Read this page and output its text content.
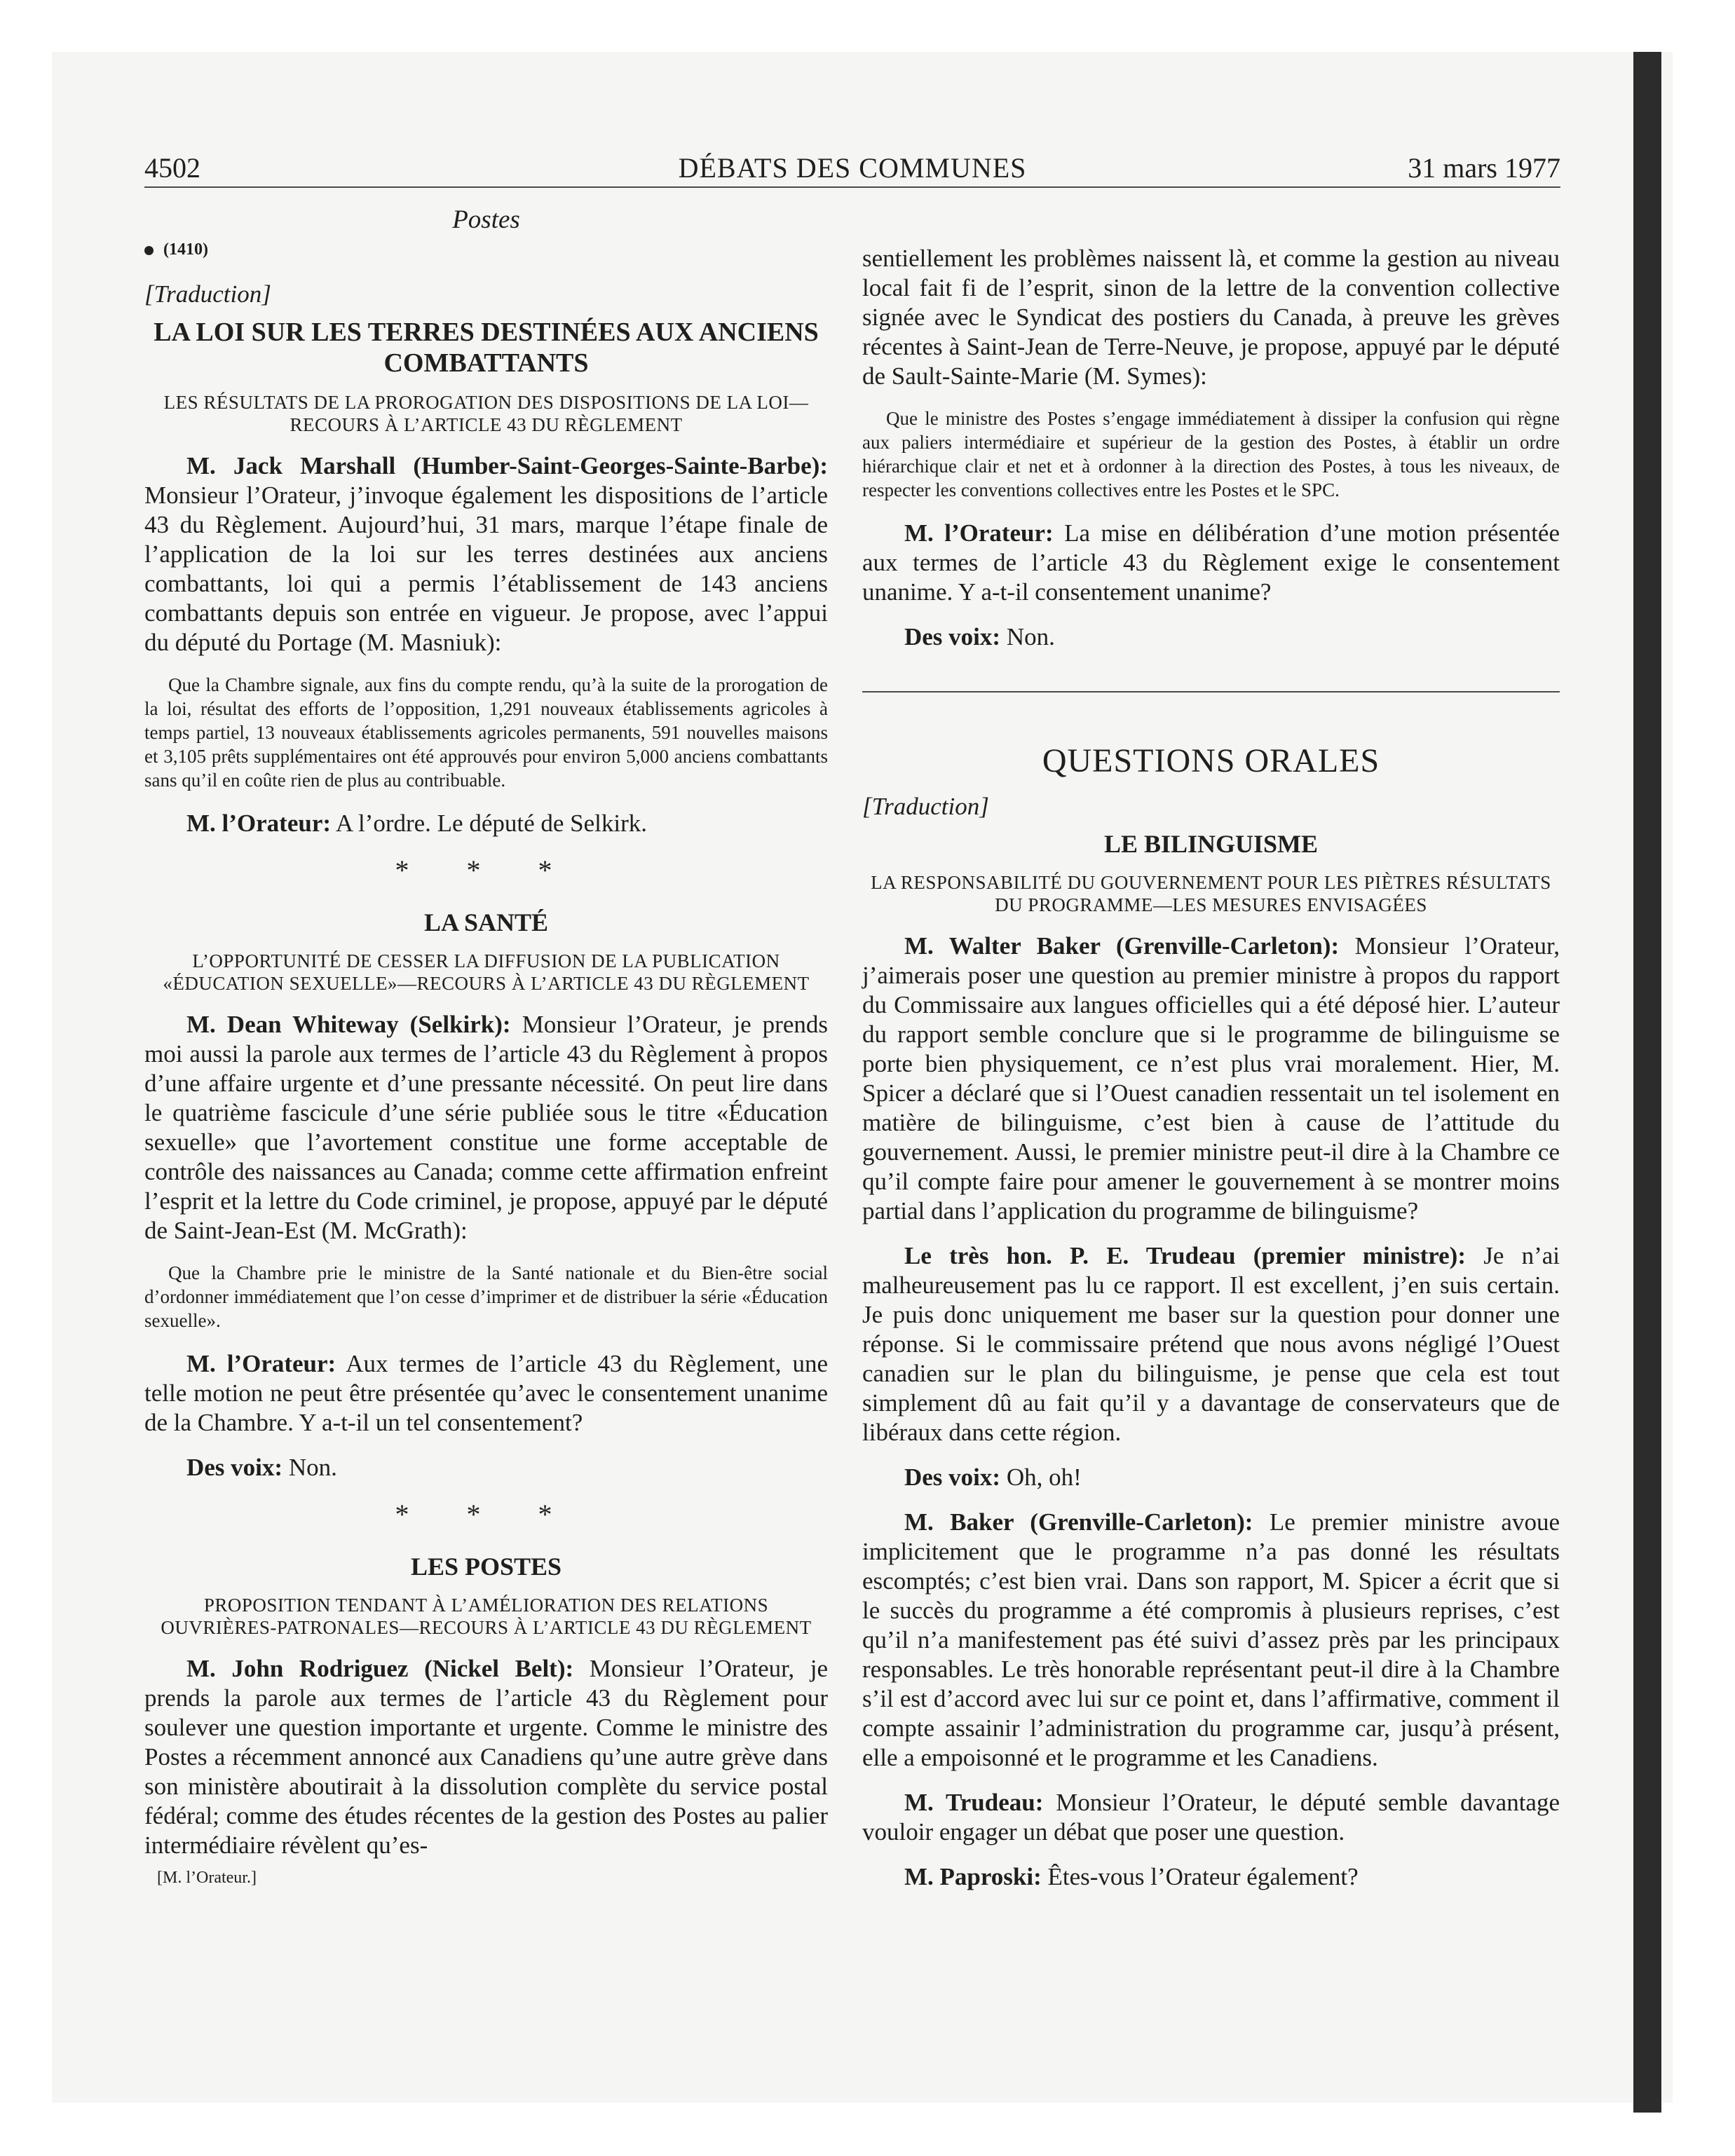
4502	DÉBATS DES COMMUNES	31 mars 1977

Postes

(1410)

[Traduction]

LA LOI SUR LES TERRES DESTINÉES AUX ANCIENS COMBATTANTS

LES RÉSULTATS DE LA PROROGATION DES DISPOSITIONS DE LA LOI—RECOURS À L’ARTICLE 43 DU RÈGLEMENT

M. Jack Marshall (Humber-Saint-Georges-Sainte-Barbe): Monsieur l’Orateur, j’invoque également les dispositions de l’article 43 du Règlement. Aujourd’hui, 31 mars, marque l’étape finale de l’application de la loi sur les terres destinées aux anciens combattants, loi qui a permis l’établissement de 143 anciens combattants depuis son entrée en vigueur. Je propose, avec l’appui du député du Portage (M. Masniuk):

Que la Chambre signale, aux fins du compte rendu, qu’à la suite de la prorogation de la loi, résultat des efforts de l’opposition, 1,291 nouveaux établissements agricoles à temps partiel, 13 nouveaux établissements agricoles permanents, 591 nouvelles maisons et 3,105 prêts supplémentaires ont été approuvés pour environ 5,000 anciens combattants sans qu’il en coûte rien de plus au contribuable.

M. l’Orateur: A l’ordre. Le député de Selkirk.

* * *

LA SANTÉ

L’OPPORTUNITÉ DE CESSER LA DIFFUSION DE LA PUBLICATION «ÉDUCATION SEXUELLE»—RECOURS À L’ARTICLE 43 DU RÈGLEMENT

M. Dean Whiteway (Selkirk): Monsieur l’Orateur, je prends moi aussi la parole aux termes de l’article 43 du Règlement à propos d’une affaire urgente et d’une pressante nécessité. On peut lire dans le quatrième fascicule d’une série publiée sous le titre «Éducation sexuelle» que l’avortement constitue une forme acceptable de contrôle des naissances au Canada; comme cette affirmation enfreint l’esprit et la lettre du Code criminel, je propose, appuyé par le député de Saint-Jean-Est (M. McGrath):

Que la Chambre prie le ministre de la Santé nationale et du Bien-être social d’ordonner immédiatement que l’on cesse d’imprimer et de distribuer la série «Éducation sexuelle».

M. l’Orateur: Aux termes de l’article 43 du Règlement, une telle motion ne peut être présentée qu’avec le consentement unanime de la Chambre. Y a-t-il un tel consentement?

Des voix: Non.

* * *

LES POSTES

PROPOSITION TENDANT À L’AMÉLIORATION DES RELATIONS OUVRIÈRES-PATRONALES—RECOURS À L’ARTICLE 43 DU RÈGLEMENT

M. John Rodriguez (Nickel Belt): Monsieur l’Orateur, je prends la parole aux termes de l’article 43 du Règlement pour soulever une question importante et urgente. Comme le ministre des Postes a récemment annoncé aux Canadiens qu’une autre grève dans son ministère aboutirait à la dissolution complète du service postal fédéral; comme des études récentes de la gestion des Postes au palier intermédiaire révèlent qu’es-

[M. l’Orateur.]

sentiellement les problèmes naissent là, et comme la gestion au niveau local fait fi de l’esprit, sinon de la lettre de la convention collective signée avec le Syndicat des postiers du Canada, à preuve les grèves récentes à Saint-Jean de Terre-Neuve, je propose, appuyé par le député de Sault-Sainte-Marie (M. Symes):

Que le ministre des Postes s’engage immédiatement à dissiper la confusion qui règne aux paliers intermédiaire et supérieur de la gestion des Postes, à établir un ordre hiérarchique clair et net et à ordonner à la direction des Postes, à tous les niveaux, de respecter les conventions collectives entre les Postes et le SPC.

M. l’Orateur: La mise en délibération d’une motion présentée aux termes de l’article 43 du Règlement exige le consentement unanime. Y a-t-il consentement unanime?

Des voix: Non.

QUESTIONS ORALES

[Traduction]

LE BILINGUISME

LA RESPONSABILITÉ DU GOUVERNEMENT POUR LES PIÈTRES RÉSULTATS DU PROGRAMME—LES MESURES ENVISAGÉES

M. Walter Baker (Grenville-Carleton): Monsieur l’Orateur, j’aimerais poser une question au premier ministre à propos du rapport du Commissaire aux langues officielles qui a été déposé hier. L’auteur du rapport semble conclure que si le programme de bilinguisme se porte bien physiquement, ce n’est plus vrai moralement. Hier, M. Spicer a déclaré que si l’Ouest canadien ressentait un tel isolement en matière de bilinguisme, c’est bien à cause de l’attitude du gouvernement. Aussi, le premier ministre peut-il dire à la Chambre ce qu’il compte faire pour amener le gouvernement à se montrer moins partial dans l’application du programme de bilinguisme?

Le très hon. P. E. Trudeau (premier ministre): Je n’ai malheureusement pas lu ce rapport. Il est excellent, j’en suis certain. Je puis donc uniquement me baser sur la question pour donner une réponse. Si le commissaire prétend que nous avons négligé l’Ouest canadien sur le plan du bilinguisme, je pense que cela est tout simplement dû au fait qu’il y a davantage de conservateurs que de libéraux dans cette région.

Des voix: Oh, oh!

M. Baker (Grenville-Carleton): Le premier ministre avoue implicitement que le programme n’a pas donné les résultats escomptés; c’est bien vrai. Dans son rapport, M. Spicer a écrit que si le succès du programme a été compromis à plusieurs reprises, c’est qu’il n’a manifestement pas été suivi d’assez près par les principaux responsables. Le très honorable représentant peut-il dire à la Chambre s’il est d’accord avec lui sur ce point et, dans l’affirmative, comment il compte assainir l’administration du programme car, jusqu’à présent, elle a empoisonné et le programme et les Canadiens.

M. Trudeau: Monsieur l’Orateur, le député semble davantage vouloir engager un débat que poser une question.

M. Paproski: Êtes-vous l’Orateur également?
